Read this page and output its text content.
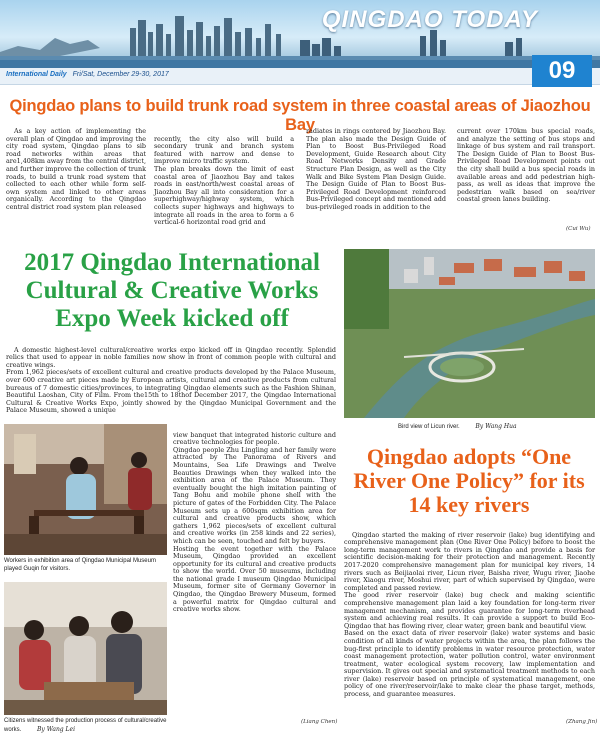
QINGDAO TODAY
International Daily Fri/Sat, December 29-30, 2017	09
Qingdao plans to build trunk road system in three coastal areas of Jiaozhou Bay

As a key action of implementing the overall plan of Qingdao and improving the city road system, Qingdao plans to sib road networks within areas that are1,408km away from the central district, and further improve the collection of trunk roads, to build a trunk road system that collected to each other while form self-own system and linked to other areas organically. According to the Qingdao central district road system plan released

recently, the city also will build a secondary trunk and branch system featured with narrow and dense to improve micro traffic system.
The plan breaks down the limit of east coastal area of Jiaozhou Bay and takes roads in east/north/west coastal areas of Jiaozhou Bay all into consideration for a superhighway/highway system, which collects super highways and highways to integrate all roads in the area to form a 6 vertical-6 horizontal road grid and

radiates in rings centered by Jiaozhou Bay. The plan also made the Design Guide of Plan to Boost Bus-Privileged Road Development, Guide Research about City Road Networks Density and Grade Structure Plan Design, as well as the City Walk and Bike System Plan Design Guide. The Design Guide of Plan to Boost Bus-Privileged Road Development reinforced Bus-Privileged concept and mentioned add bus-privileged roads in addition to the

current over 170km bus special roads, and analyze the setting of bus stops and linkage of bus system and rail transport. The Design Guide of Plan to Boost Bus-Privileged Road Development points out the city shall build a bus special roads in available areas and add pedestrian high-pass, as well as ideas that improve the pedestrian walk based on sea/river coastal green lanes building.

(Cui Wu)
2017 Qingdao International Cultural & Creative Works Expo Week kicked off

A domestic highest-level cultural/creative works expo kicked off in Qingdao recently. Splendid relics that used to appear in noble families now show in front of common people with cultural and creative wings.
From 1,962 pieces/sets of excellent cultural and creative products developed by the Palace Museum, over 600 creative art pieces made by European artists, cultural and creative products from cultural bureaus of 7 domestic cities/provinces, to integrating Qingdao elements such as the Fashion Shinan, Beautiful Laoshan, City of Film. From the15th to 18thof December 2017, the Qingdao International Cultural & Creative Works Expo, jointly showed by the Qingdao Municipal Government and the Palace Museum, showed a unique

Workers in exhibition area of Qingdao Municipal Museum played Guqin for visitors.
Citizens witnessed the production process of cultural/creative works.	By Wang Lei

view banquet that integrated historic culture and creative technologies for people.
Qingdao people Zhu Lingling and her family were attracted by The Panorama of Rivers and Mountains, Sea Life Drawings and Twelve Beauties Drawings when they walked into the exhibition area of the Palace Museum. They eventually bought the high imitation painting of Tang Bohu and mobile phone shell with the picture of gates of the Forbidden City. The Palace Museum sets up a 600sqm exhibition area for cultural and creative products show, which gathers 1,962 pieces/sets of excellent cultural and creative works (in 258 kinds and 22 series), which can be seen, touched and felt by buyers.
Hosting the event together with the Palace Museum, Qingdao provided an excellent opportunity for its cultural and creative products to show the world. Over 50 museums, including the national grade I museum Qingdao Municipal Museum, former site of Germany Governor in Qingdao, the Qingdao Brewery Museum, formed a powerful matrix for Qingdao cultural and creative works show.

(Liang Chen)
Bird view of Licun river.	By Wang Hua
Qingdao adopts “One River One Policy” for its 14 key rivers

Qingdao started the making of river reservoir (lake) bug identifying and comprehensive management plan (One River One Policy) before to boost the long-term management work to rivers in Qingdao and provide a basis for scientific decision-making for their protection and management. Recently 2017-2020 comprehensive management plan for municipal key rivers, 14 rivers such as Beijiaolai river, Licun river, Baisha river, Wugu river, Jiaohe river, Xiaogu river, Moshui river, part of which supervised by Qingdao, were completed and passed review.
The good river reservoir (lake) bug check and making scientific comprehensive management plan laid a key foundation for long-term river management mechanism, and provides guarantee for long-term riverhead system and achieving real results. It can provide a support to build Eco-Qingdao that has flowing river, clear water, green bank and beautiful view.
Based on the exact data of river reservoir (lake) water systems and basic condition of all kinds of water projects within the area, the plan follows the bug-first principle to identify problems in water resource protection, water coast management protection, water pollution control, water environment treatment, water ecological system recovery, law implementation and supervision. It gives out special and systematical treatment methods to each river (lake) reservoir based on principle of systematical management, one policy of one river/reservoir/lake to make clear the phase target, methods, process, and guarantee measures.

(Zhang Jin)
